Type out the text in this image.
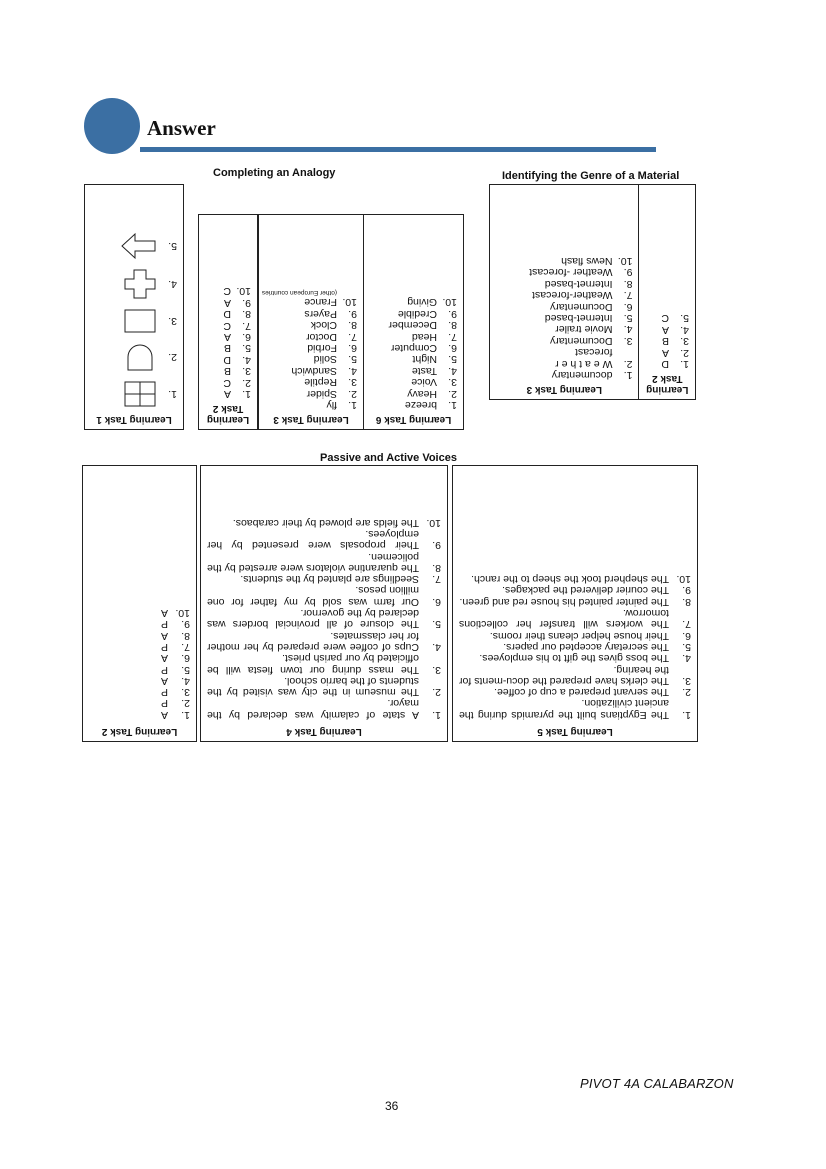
Answer
Completing an Analogy	Identifying the Genre of a Material
Learning Task 6
1.
breeze
2.
Heavy
3.
Voice
4.
Taste
5.
Night
6.
Computer
7.
Head
8.
December
9.
Credible
10.
Giving
Learning Task 3
1.
fly
2.
Spider
3.
Reptile
4.
Sandwich
5.
Solid
6.
Forbid
7.
Doctor
8.
Clock
9.
Payers
10.
France
(other European countries
Learning Task 2
1.
A
2.
C
3.
B
4.
D
5.
B
6.
A
7.
C
8.
D
9.
A
10.
C
Learning Task 1
1.
2.
3.
4.
5.
Learning Task 2
1.
D
2.
A
3.
B
4.
A
5.
C
Learning Task 3
1.
documentary
2.
W e a t h e r
forecast
3.
Documentary
4.
Movie trailer
5.
Internet-based
6.
Documentary
7.
Weather-forecast
8.
Internet-based
9.
Weather -forecast
10.
News flash
Passive and Active Voices
Learning Task 5
1.
The Egyptians built the pyramids during the ancient civilization.
2.
The servant prepared a cup of coffee.
3.
The clerks have prepared the docu-ments for the hearing.
4.
The boss gives the gift to his employees.
5.
The secretary accepted our papers.
6.
Their house helper cleans their rooms.
7.
The workers will transfer her collections tomorrow.
8.
The painter painted his house red and green.
9.
The courier delivered the packages.
10.
The shepherd took the sheep to the ranch.
Learning Task 4
1.
A state of calamity was declared by the mayor.
2.
The museum in the city was visited by the students of the barrio school.
3.
The mass during our town fiesta will be officiated by our parish priest.
4.
Cups of coffee were prepared by her mother for her classmates.
5.
The closure of all provincial borders was declared by the governor.
6.
Our farm was sold by my father for one million pesos.
7.
Seedlings are planted by the students.
8.
The quarantine violators were arrested by the policemen.
9.
Their proposals were presented by her employees.
10.
The fields are plowed by their carabaos.
Learning Task 2
1.
A
2.
P
3.
P
4.
A
5.
P
6.
A
7.
P
8.
A
9.
P
10.
A
PIVOT 4A CALABARZON
36
